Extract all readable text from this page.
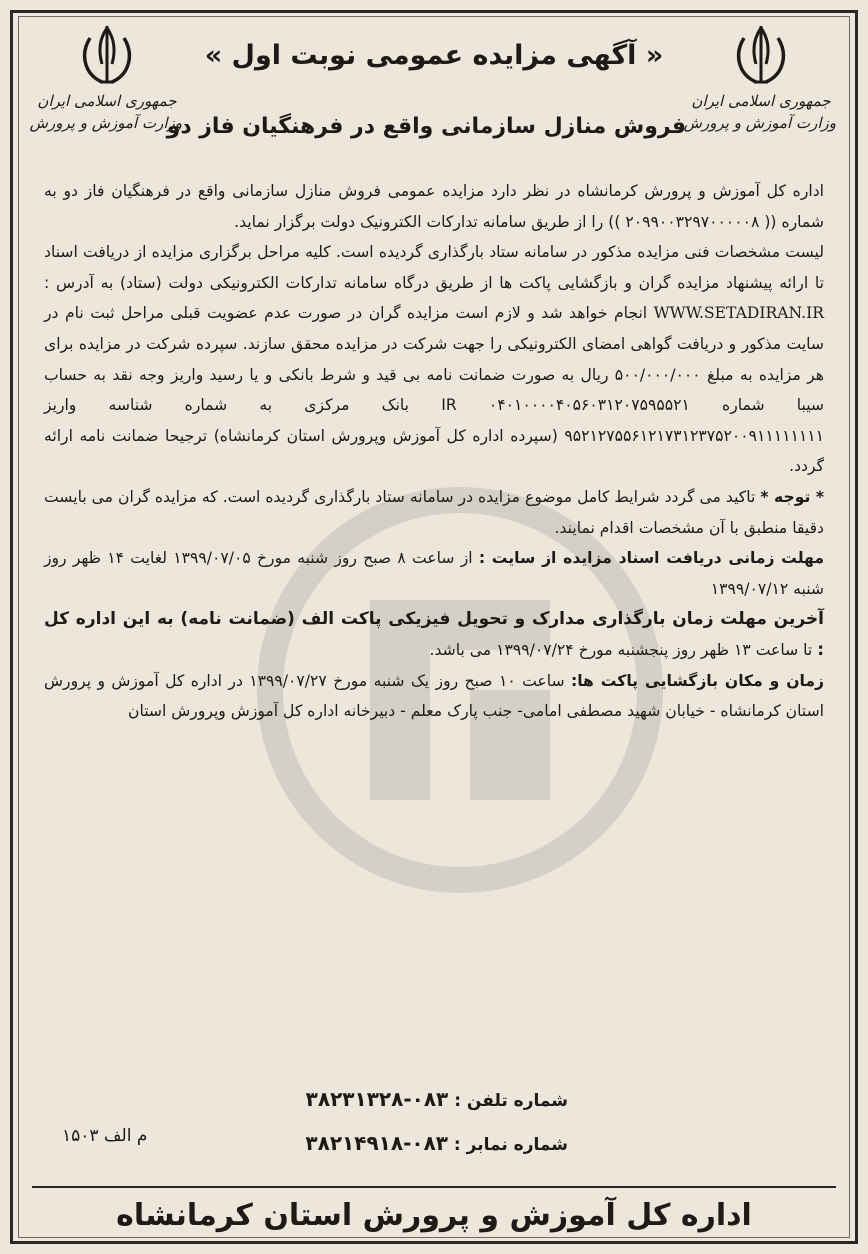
جمهوری اسلامی ایران
وزارت آموزش و پرورش
جمهوری اسلامی ایران
وزارت آموزش و پرورش
« آگهی مزایده عمومی نوبت اول »
فروش منازل سازمانی واقع در فرهنگیان فاز دو

اداره کل آموزش و پرورش کرمانشاه در نظر دارد مزایده عمومی فروش منازل سازمانی واقع در فرهنگیان فاز دو به شماره (( ۲۰۹۹۰۰۳۲۹۷۰۰۰۰۰۸ )) را از طریق سامانه تدارکات الکترونیک دولت برگزار نماید.

لیست مشخصات فنی مزایده مذکور در سامانه ستاد بارگذاری گردیده است. کلیه مراحل برگزاری مزایده از دریافت اسناد تا ارائه پیشنهاد مزایده گران و بازگشایی پاکت ها از طریق درگاه سامانه تدارکات الکترونیکی دولت (ستاد) به آدرس : WWW.SETADIRAN.IR انجام خواهد شد و لازم است مزایده گران در صورت عدم عضویت قبلی مراحل ثبت نام در سایت مذکور و دریافت گواهی امضای الکترونیکی را جهت شرکت در مزایده محقق سازند. سپرده شرکت در مزایده برای هر مزایده به مبلغ ۵۰۰/۰۰۰/۰۰۰ ریال به صورت ضمانت نامه بی قید و شرط بانکی و یا رسید واریز وجه نقد به حساب سیبا شماره IR ۰۴۰۱۰۰۰۰۴۰۵۶۰۳۱۲۰۷۵۹۵۵۲۱ بانک مرکزی به شماره شناسه واریز ۹۵۲۱۲۷۵۵۶۱۲۱۷۳۱۲۳۷۵۲۰۰۹۱۱۱۱۱۱۱۱ (سپرده اداره کل آموزش وپرورش استان کرمانشاه) ترجیحا ضمانت نامه ارائه گردد.

* توجه * تاکید می گردد شرایط کامل موضوع مزایده در سامانه ستاد بارگذاری گردیده است. که مزایده گران می بایست دقیقا منطبق با آن مشخصات اقدام نمایند.

مهلت زمانی دریافت اسناد مزایده از سایت : از ساعت ۸ صبح روز شنبه مورخ ۱۳۹۹/۰۷/۰۵ لغایت ۱۴ ظهر روز شنبه ۱۳۹۹/۰۷/۱۲

آخرین مهلت زمان بارگذاری مدارک و تحویل فیزیکی پاکت الف (ضمانت نامه) به این اداره کل : تا ساعت ۱۳ ظهر روز پنجشنبه مورخ ۱۳۹۹/۰۷/۲۴ می باشد.

زمان و مکان بازگشایی پاکت ها: ساعت ۱۰ صبح روز یک شنبه مورخ ۱۳۹۹/۰۷/۲۷ در اداره کل آموزش و پرورش استان کرمانشاه - خیابان شهید مصطفی امامی- جنب پارک معلم - دبیرخانه اداره کل آموزش وپرورش استان

شماره تلفن : ۰۸۳-۳۸۲۳۱۳۲۸
شماره نمابر : ۰۸۳-۳۸۲۱۴۹۱۸
م الف ۱۵۰۳
اداره کل آموزش و پرورش استان کرمانشاه
